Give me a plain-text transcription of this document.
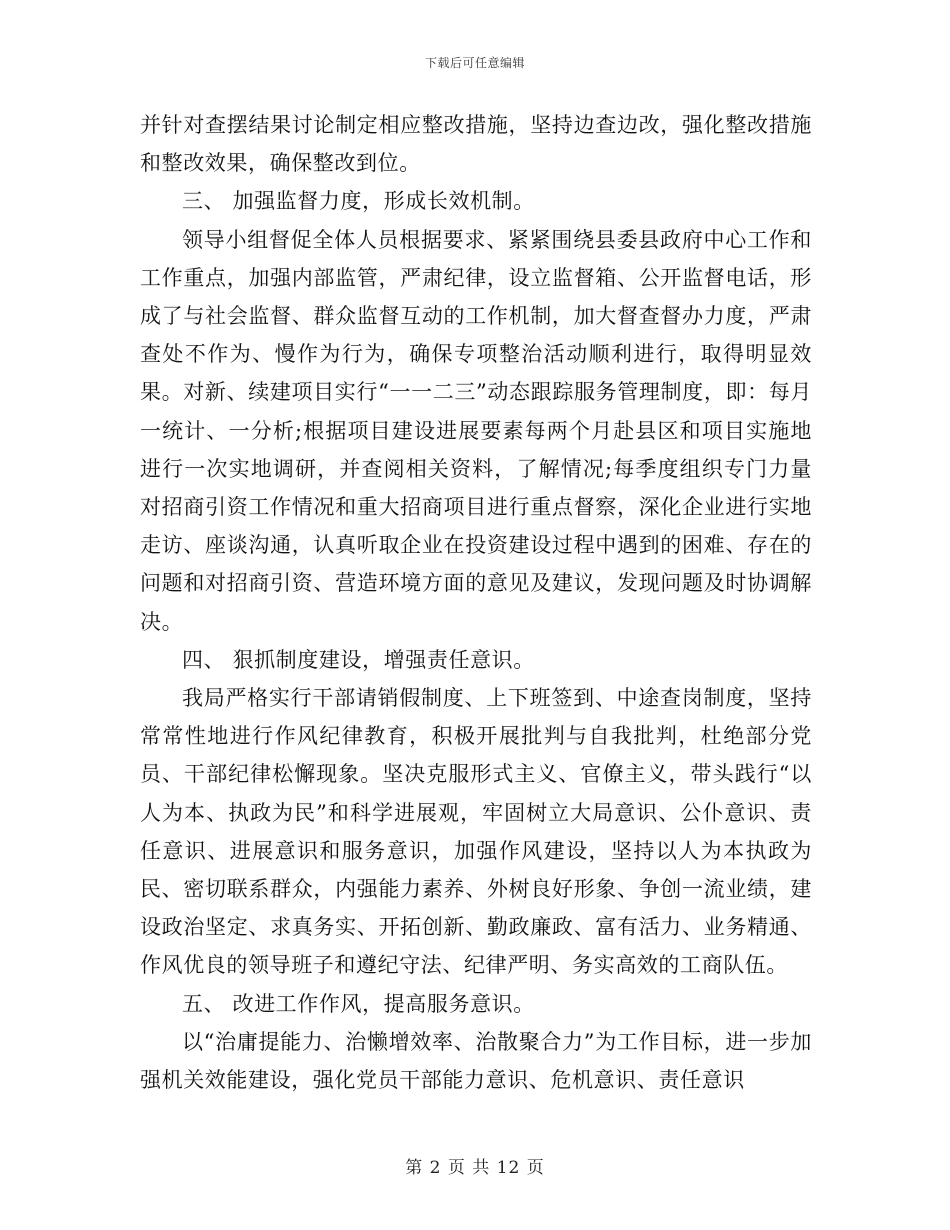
下载后可任意编辑

并针对查摆结果讨论制定相应整改措施，坚持边查边改，强化整改措施和整改效果，确保整改到位。

三、 加强监督力度，形成长效机制。

领导小组督促全体人员根据要求、紧紧围绕县委县政府中心工作和工作重点，加强内部监管，严肃纪律，设立监督箱、公开监督电话，形成了与社会监督、群众监督互动的工作机制，加大督查督办力度，严肃查处不作为、慢作为行为，确保专项整治活动顺利进行，取得明显效果。对新、续建项目实行“一一二三”动态跟踪服务管理制度，即：每月一统计、一分析;根据项目建设进展要素每两个月赴县区和项目实施地进行一次实地调研，并查阅相关资料，了解情况;每季度组织专门力量对招商引资工作情况和重大招商项目进行重点督察，深化企业进行实地走访、座谈沟通，认真听取企业在投资建设过程中遇到的困难、存在的问题和对招商引资、营造环境方面的意见及建议，发现问题及时协调解决。

四、 狠抓制度建设，增强责任意识。

我局严格实行干部请销假制度、上下班签到、中途查岗制度，坚持常常性地进行作风纪律教育，积极开展批判与自我批判，杜绝部分党员、干部纪律松懈现象。坚决克服形式主义、官僚主义，带头践行“以人为本、执政为民”和科学进展观，牢固树立大局意识、公仆意识、责任意识、进展意识和服务意识，加强作风建设，坚持以人为本执政为民、密切联系群众，内强能力素养、外树良好形象、争创一流业绩，建设政治坚定、求真务实、开拓创新、勤政廉政、富有活力、业务精通、作风优良的领导班子和遵纪守法、纪律严明、务实高效的工商队伍。

五、 改进工作作风，提高服务意识。

以“治庸提能力、治懒增效率、治散聚合力”为工作目标，进一步加强机关效能建设，强化党员干部能力意识、危机意识、责任意识

第 2 页 共 12 页
